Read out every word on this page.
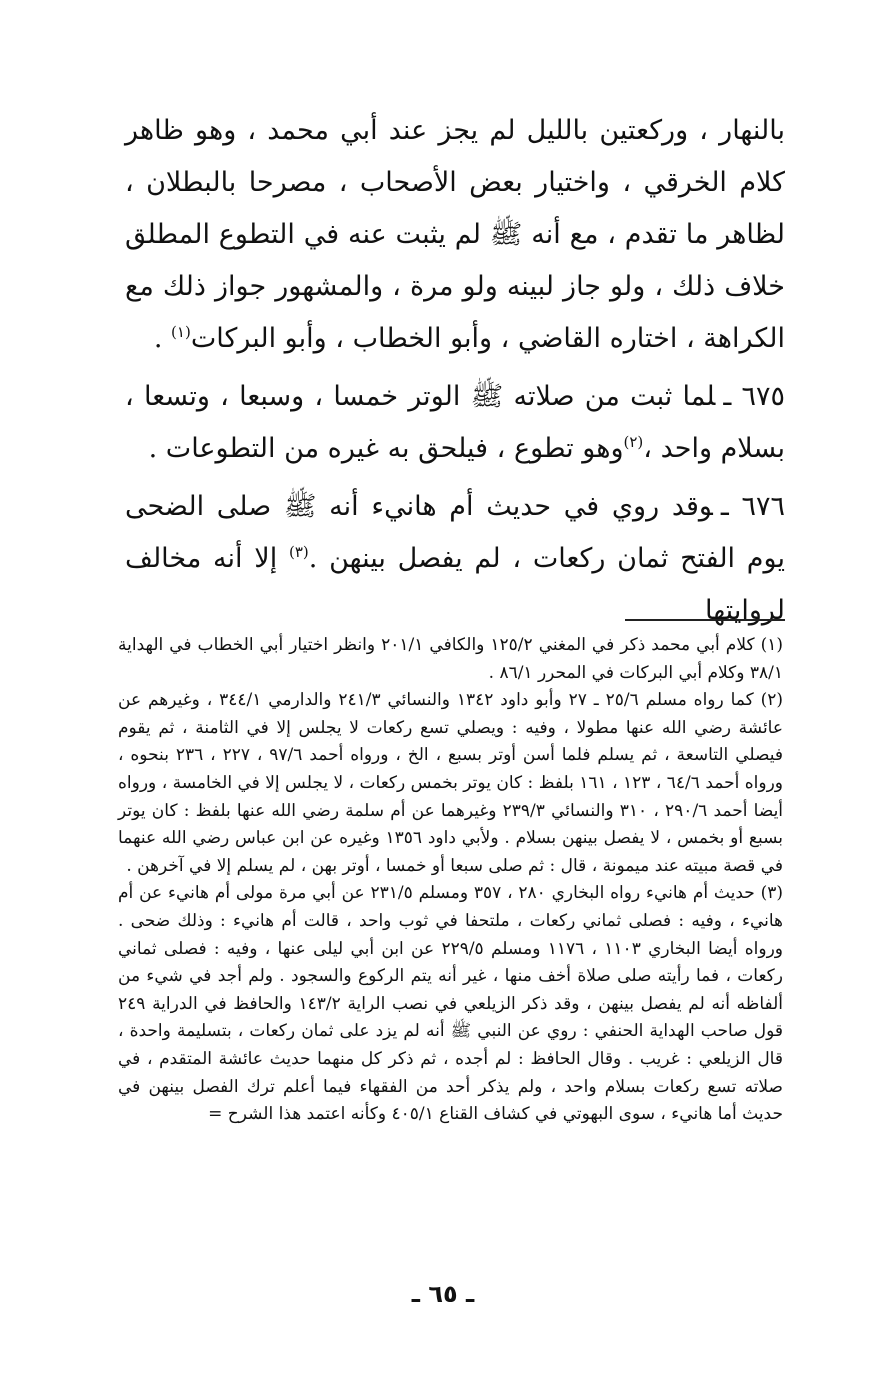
بالنهار ، وركعتين بالليل لم يجز عند أبي محمد ، وهو ظاهر كلام الخرقي ، واختيار بعض الأصحاب ، مصرحا بالبطلان ، لظاهر ما تقدم ، مع أنه ﷺ لم يثبت عنه في التطوع المطلق خلاف ذلك ، ولو جاز لبينه ولو مرة ، والمشهور جواز ذلك مع الكراهة ، اختاره القاضي ، وأبو الخطاب ، وأبو البركات$^{(١)}$ .

٦٧٥ ـلما ثبت من صلاته ﷺ الوتر خمسا ، وسبعا ، وتسعا ، بسلام واحد ،$^{(٢)}$وهو تطوع ، فيلحق به غيره من التطوعات .

٦٧٦ ـوقد روي في حديث أم هانيء أنه ﷺ صلى الضحى يوم الفتح ثمان ركعات ، لم يفصل بينهن .$^{(٣)}$ إلا أنه مخالف لروايتها

(١) كلام أبي محمد ذكر في المغني ١٢٥/٢ والكافي ٢٠١/١ وانظر اختيار أبي الخطاب في الهداية ٣٨/١ وكلام أبي البركات في المحرر ٨٦/١ .

(٢) كما رواه مسلم ٢٥/٦ ـ ٢٧ وأبو داود ١٣٤٢ والنسائي ٢٤١/٣ والدارمي ٣٤٤/١ ، وغيرهم عن عائشة رضي الله عنها مطولا ، وفيه : ويصلي تسع ركعات لا يجلس إلا في الثامنة ، ثم يقوم فيصلي التاسعة ، ثم يسلم فلما أسن أوتر بسبع ، الخ ، ورواه أحمد ٩٧/٦ ، ٢٢٧ ، ٢٣٦ بنحوه ، ورواه أحمد ٦٤/٦ ، ١٢٣ ، ١٦١ بلفظ : كان يوتر بخمس ركعات ، لا يجلس إلا في الخامسة ، ورواه أيضا أحمد ٢٩٠/٦ ، ٣١٠ والنسائي ٢٣٩/٣ وغيرهما عن أم سلمة رضي الله عنها بلفظ : كان يوتر بسبع أو بخمس ، لا يفصل بينهن بسلام . ولأبي داود ١٣٥٦ وغيره عن ابن عباس رضي الله عنهما في قصة مبيته عند ميمونة ، قال : ثم صلى سبعا أو خمسا ، أوتر بهن ، لم يسلم إلا في آخرهن .

(٣) حديث أم هانيء رواه البخاري ٢٨٠ ، ٣٥٧ ومسلم ٢٣١/٥ عن أبي مرة مولى أم هانيء عن أم هانيء ، وفيه : فصلى ثماني ركعات ، ملتحفا في ثوب واحد ، قالت أم هانيء : وذلك ضحى . ورواه أيضا البخاري ١١٠٣ ، ١١٧٦ ومسلم ٢٢٩/٥ عن ابن أبي ليلى عنها ، وفيه : فصلى ثماني ركعات ، فما رأيته صلى صلاة أخف منها ، غير أنه يتم الركوع والسجود . ولم أجد في شيء من ألفاظه أنه لم يفصل بينهن ، وقد ذكر الزيلعي في نصب الراية ١٤٣/٢ والحافظ في الدراية ٢٤٩ قول صاحب الهداية الحنفي : روي عن النبي ﷺ أنه لم يزد على ثمان ركعات ، بتسليمة واحدة ، قال الزيلعي : غريب . وقال الحافظ : لم أجده ، ثم ذكر كل منهما حديث عائشة المتقدم ، في صلاته تسع ركعات بسلام واحد ، ولم يذكر أحد من الفقهاء فيما أعلم ترك الفصل بينهن في حديث أما هانيء ، سوى البهوتي في كشاف القناع ٤٠٥/١ وكأنه اعتمد هذا الشرح =

ـ ٦٥ ـ
